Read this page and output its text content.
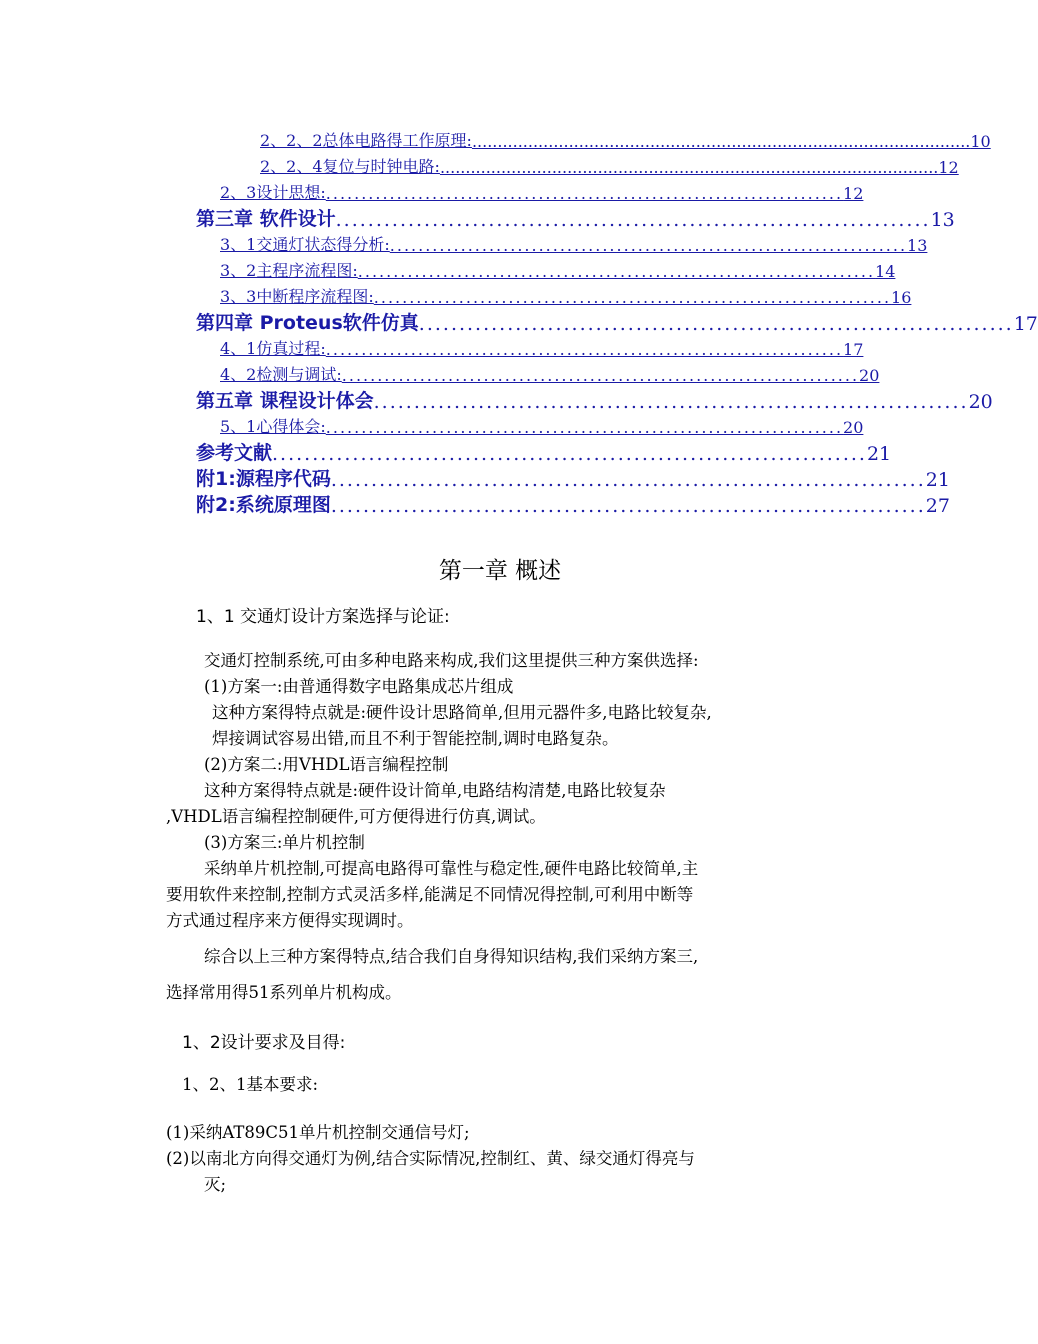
2、2、2总体电路得工作原理: .................................................................................................. 10
2、2、4复位与时钟电路: .................................................................................................. 12
2、3设计思想: ......................................................................... 12
第三章 软件设计 .......................................................................... 13
3、1交通灯状态得分析: ......................................................................... 13
3、2主程序流程图: ......................................................................... 14
3、3中断程序流程图: ......................................................................... 16
第四章 Proteus软件仿真 .......................................................................... 17
4、1仿真过程: ......................................................................... 17
4、2检测与调试: ......................................................................... 20
第五章 课程设计体会 .......................................................................... 20
5、1心得体会: ......................................................................... 20
参考文献 .......................................................................... 21
附1:源程序代码 .......................................................................... 21
附2:系统原理图 .......................................................................... 27
第一章 概述
1、1 交通灯设计方案选择与论证:
交通灯控制系统,可由多种电路来构成,我们这里提供三种方案供选择:
(1)方案一:由普通得数字电路集成芯片组成
这种方案得特点就是:硬件设计思路简单,但用元器件多,电路比较复杂,
焊接调试容易出错,而且不利于智能控制,调时电路复杂。
(2)方案二:用VHDL语言编程控制
这种方案得特点就是:硬件设计简单,电路结构清楚,电路比较复杂
,VHDL语言编程控制硬件,可方便得进行仿真,调试。
(3)方案三:单片机控制
采纳单片机控制,可提高电路得可靠性与稳定性,硬件电路比较简单,主
要用软件来控制,控制方式灵活多样,能满足不同情况得控制,可利用中断等
方式通过程序来方便得实现调时。
综合以上三种方案得特点,结合我们自身得知识结构,我们采纳方案三,
选择常用得51系列单片机构成。
1、2设计要求及目得:
1、2、1基本要求:
(1)采纳AT89C51单片机控制交通信号灯;
(2)以南北方向得交通灯为例,结合实际情况,控制红、黄、绿交通灯得亮与
灭;
